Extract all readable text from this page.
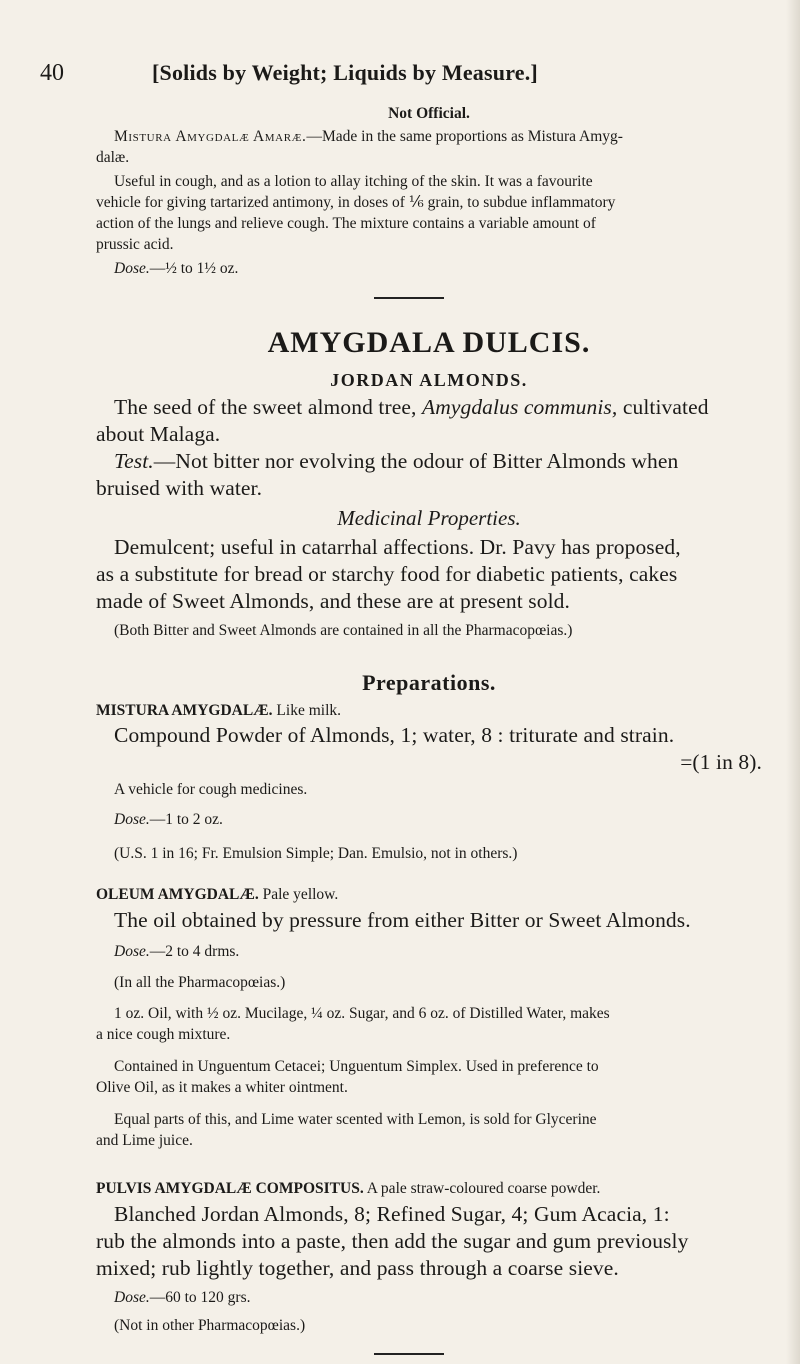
40	[Solids by Weight; Liquids by Measure.]
Not Official.
Mistura Amygdalæ Amaræ.—Made in the same proportions as Mistura Amyg-
dalæ.
Useful in cough, and as a lotion to allay itching of the skin. It was a favourite
vehicle for giving tartarized antimony, in doses of ⅙ grain, to subdue inflammatory
action of the lungs and relieve cough. The mixture contains a variable amount of
prussic acid.
Dose.—½ to 1½ oz.
AMYGDALA DULCIS.
JORDAN ALMONDS.
The seed of the sweet almond tree, Amygdalus communis, cultivated
about Malaga.
Test.—Not bitter nor evolving the odour of Bitter Almonds when
bruised with water.
Medicinal Properties.
Demulcent; useful in catarrhal affections. Dr. Pavy has proposed,
as a substitute for bread or starchy food for diabetic patients, cakes
made of Sweet Almonds, and these are at present sold.
(Both Bitter and Sweet Almonds are contained in all the Pharmacopœias.)
Preparations.
MISTURA AMYGDALÆ. Like milk.
Compound Powder of Almonds, 1; water, 8 : triturate and strain.
=(1 in 8).
A vehicle for cough medicines.
Dose.—1 to 2 oz.
(U.S. 1 in 16; Fr. Emulsion Simple; Dan. Emulsio, not in others.)
OLEUM AMYGDALÆ. Pale yellow.
The oil obtained by pressure from either Bitter or Sweet Almonds.
Dose.—2 to 4 drms.
(In all the Pharmacopœias.)
1 oz. Oil, with ½ oz. Mucilage, ¼ oz. Sugar, and 6 oz. of Distilled Water, makes
a nice cough mixture.
Contained in Unguentum Cetacei; Unguentum Simplex. Used in preference to
Olive Oil, as it makes a whiter ointment.
Equal parts of this, and Lime water scented with Lemon, is sold for Glycerine
and Lime juice.
PULVIS AMYGDALÆ COMPOSITUS. A pale straw-coloured coarse powder.
Blanched Jordan Almonds, 8; Refined Sugar, 4; Gum Acacia, 1:
rub the almonds into a paste, then add the sugar and gum previously
mixed; rub lightly together, and pass through a coarse sieve.
Dose.—60 to 120 grs.
(Not in other Pharmacopœias.)
